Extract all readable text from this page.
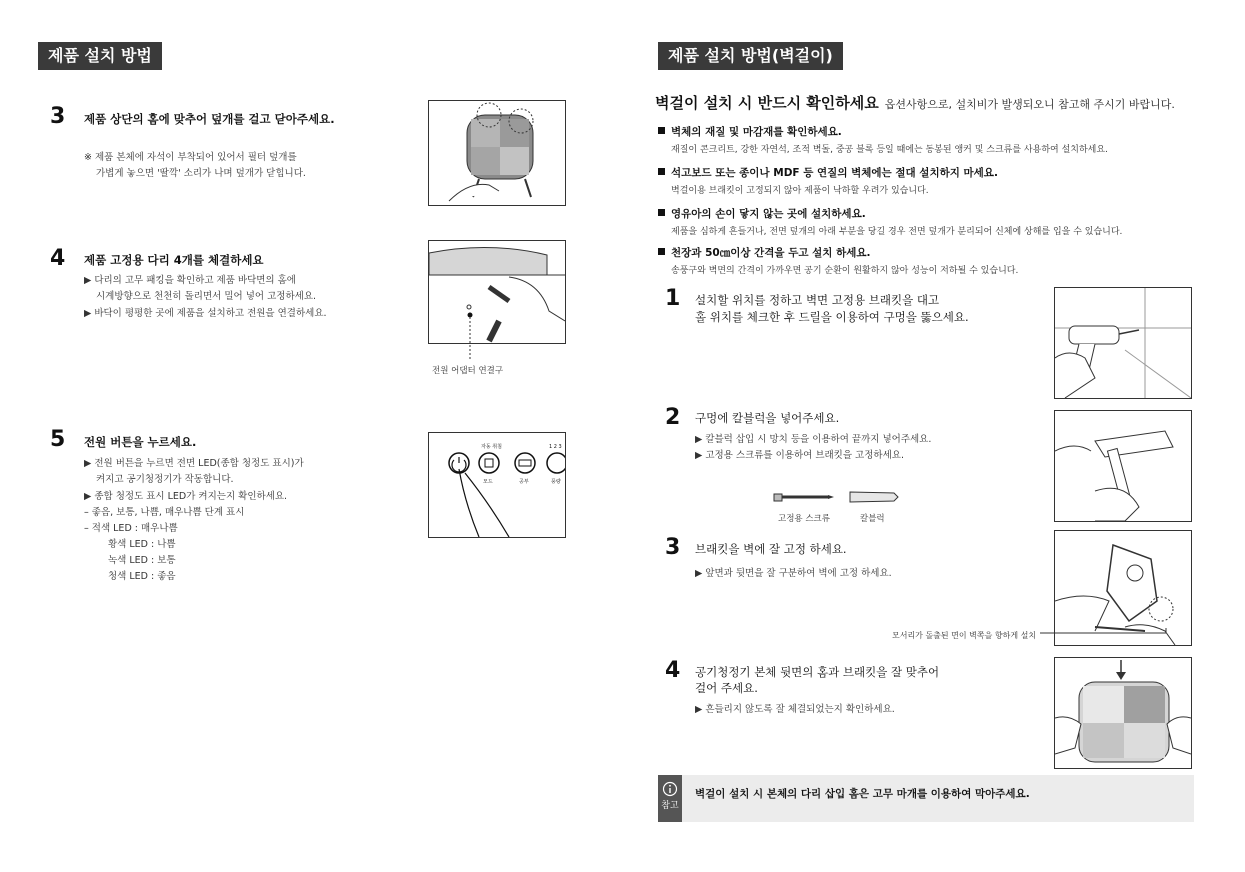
제품 설치 방법
3 제품 상단의 홈에 맞추어 덮개를 걸고 닫아주세요.
※ 제품 본체에 자석이 부착되어 있어서 필터 덮개를
가볍게 놓으면 '딸깍' 소리가 나며 덮개가 닫힙니다.
4 제품 고정용 다리 4개를 체결하세요
▶ 다리의 고무 패킹을 확인하고 제품 바닥면의 홈에
시계방향으로 천천히 돌리면서 밀어 넣어 고정하세요.
▶ 바닥이 평평한 곳에 제품을 설치하고 전원을 연결하세요.
전원 어댑터 연결구
5 전원 버튼을 누르세요.
▶ 전원 버튼을 누르면 전면 LED(종합 청정도 표시)가
켜지고 공기청정기가 작동합니다.
▶ 종합 청정도 표시 LED가 켜지는지 확인하세요.
– 좋음, 보통, 나쁨, 매우나쁨 단계 표시
– 적색 LED : 매우나쁨
황색 LED : 나쁨
녹색 LED : 보통
청색 LED : 좋음
자동 취침	1 2 3
모드	공부	풍량
제품 설치 방법(벽걸이)
벽걸이 설치 시 반드시 확인하세요 옵션사항으로, 설치비가 발생되오니 참고해 주시기 바랍니다.
벽체의 재질 및 마감재를 확인하세요.
재질이 콘크리트, 강한 자연석, 조적 벽돌, 중공 블록 등일 때에는 동봉된 앵커 및 스크류를 사용하여 설치하세요.
석고보드 또는 종이나 MDF 등 연질의 벽체에는 절대 설치하지 마세요.
벽걸이용 브래킷이 고정되지 않아 제품이 낙하할 우려가 있습니다.
영유아의 손이 닿지 않는 곳에 설치하세요.
제품을 심하게 흔들거나, 전면 덮개의 아래 부분을 당길 경우 전면 덮개가 분리되어 신체에 상해를 입을 수 있습니다.
천장과 50㎝이상 간격을 두고 설치 하세요.
송풍구와 벽면의 간격이 가까우면 공기 순환이 원활하지 않아 성능이 저하될 수 있습니다.
1 설치할 위치를 정하고 벽면 고정용 브래킷을 대고
홀 위치를 체크한 후 드릴을 이용하여 구멍을 뚫으세요.
2 구멍에 칼블럭을 넣어주세요.
▶ 칼블럭 삽입 시 망치 등을 이용하여 끝까지 넣어주세요.
▶ 고정용 스크류를 이용하여 브래킷을 고정하세요.
고정용 스크류	칼블럭
3 브래킷을 벽에 잘 고정 하세요.
▶ 앞면과 뒷면을 잘 구분하여 벽에 고정 하세요.
모서리가 돌출된 면이 벽쪽을 향하게 설치
4 공기청정기 본체 뒷면의 홈과 브래킷을 잘 맞추어
걸어 주세요.
▶ 흔들리지 않도록 잘 체결되었는지 확인하세요.
참고
벽걸이 설치 시 본체의 다리 삽입 홈은 고무 마개를 이용하여 막아주세요.
